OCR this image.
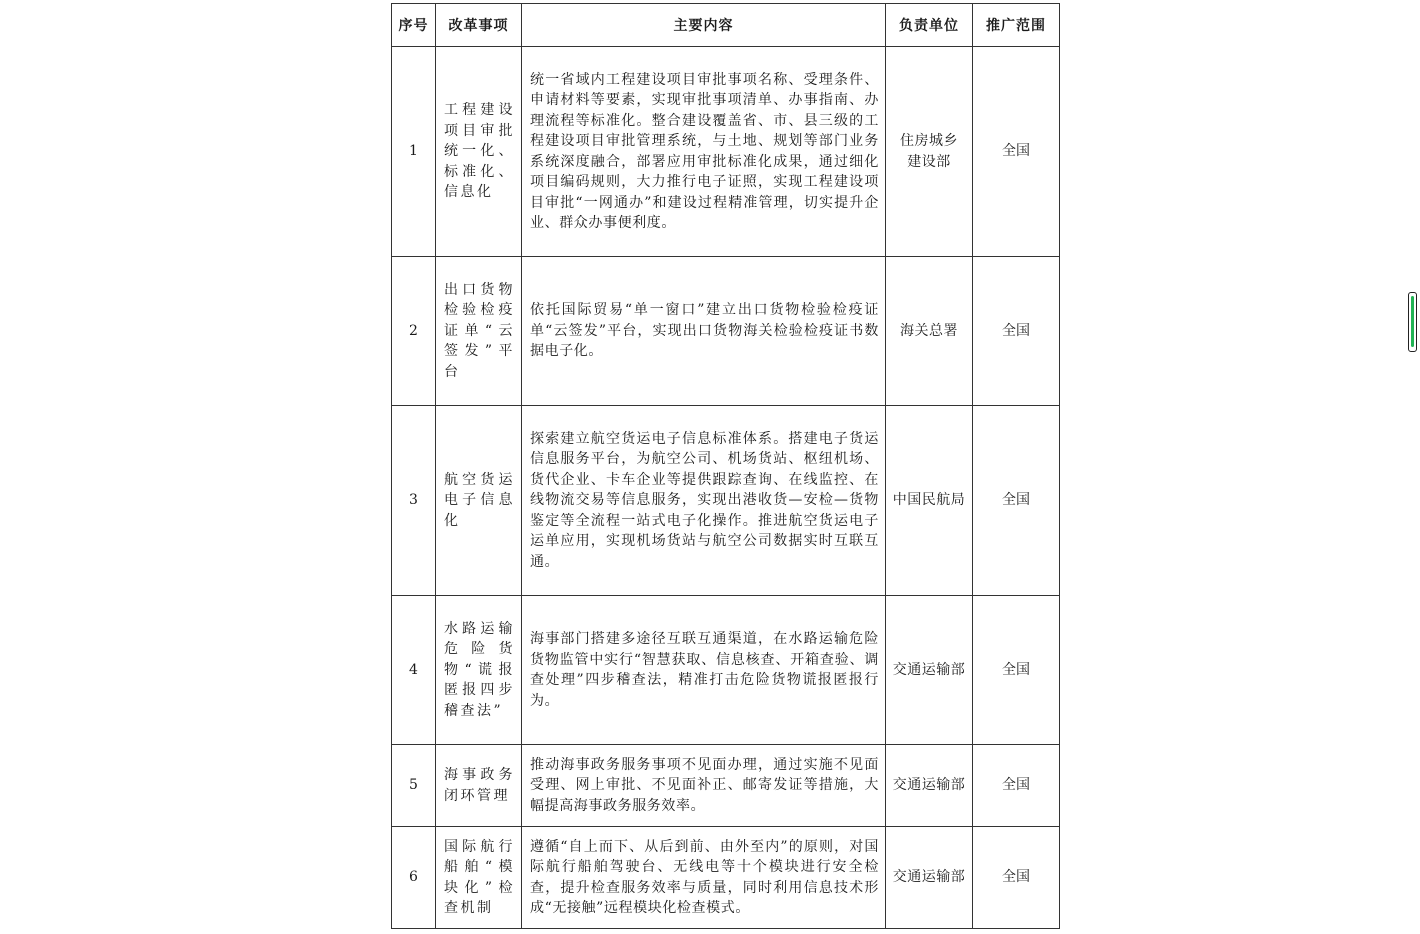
序号	改革事项	主要内容	负责单位	推广范围
1	工程建设项目审批统一化、标准化、信息化	统一省域内工程建设项目审批事项名称、受理条件、申请材料等要素，实现审批事项清单、办事指南、办理流程等标准化。整合建设覆盖省、市、县三级的工程建设项目审批管理系统，与土地、规划等部门业务系统深度融合，部署应用审批标准化成果，通过细化项目编码规则，大力推行电子证照，实现工程建设项目审批“一网通办”和建设过程精准管理，切实提升企业、群众办事便利度。	住房城乡建设部	全国
2	出口货物检验检疫证单“云签发”平台	依托国际贸易“单一窗口”建立出口货物检验检疫证单“云签发”平台，实现出口货物海关检验检疫证书数据电子化。	海关总署	全国
3	航空货运电子信息化	探索建立航空货运电子信息标准体系。搭建电子货运信息服务平台，为航空公司、机场货站、枢纽机场、货代企业、卡车企业等提供跟踪查询、在线监控、在线物流交易等信息服务，实现出港收货—安检—货物鉴定等全流程一站式电子化操作。推进航空货运电子运单应用，实现机场货站与航空公司数据实时互联互通。	中国民航局	全国
4	水路运输危险货物“谎报匿报四步稽查法”	海事部门搭建多途径互联互通渠道，在水路运输危险货物监管中实行“智慧获取、信息核查、开箱查验、调查处理”四步稽查法，精准打击危险货物谎报匿报行为。	交通运输部	全国
5	海事政务闭环管理	推动海事政务服务事项不见面办理，通过实施不见面受理、网上审批、不见面补正、邮寄发证等措施，大幅提高海事政务服务效率。	交通运输部	全国
6	国际航行船舶“模块化”检查机制	遵循“自上而下、从后到前、由外至内”的原则，对国际航行船舶驾驶台、无线电等十个模块进行安全检查，提升检查服务效率与质量，同时利用信息技术形成“无接触”远程模块化检查模式。	交通运输部	全国
